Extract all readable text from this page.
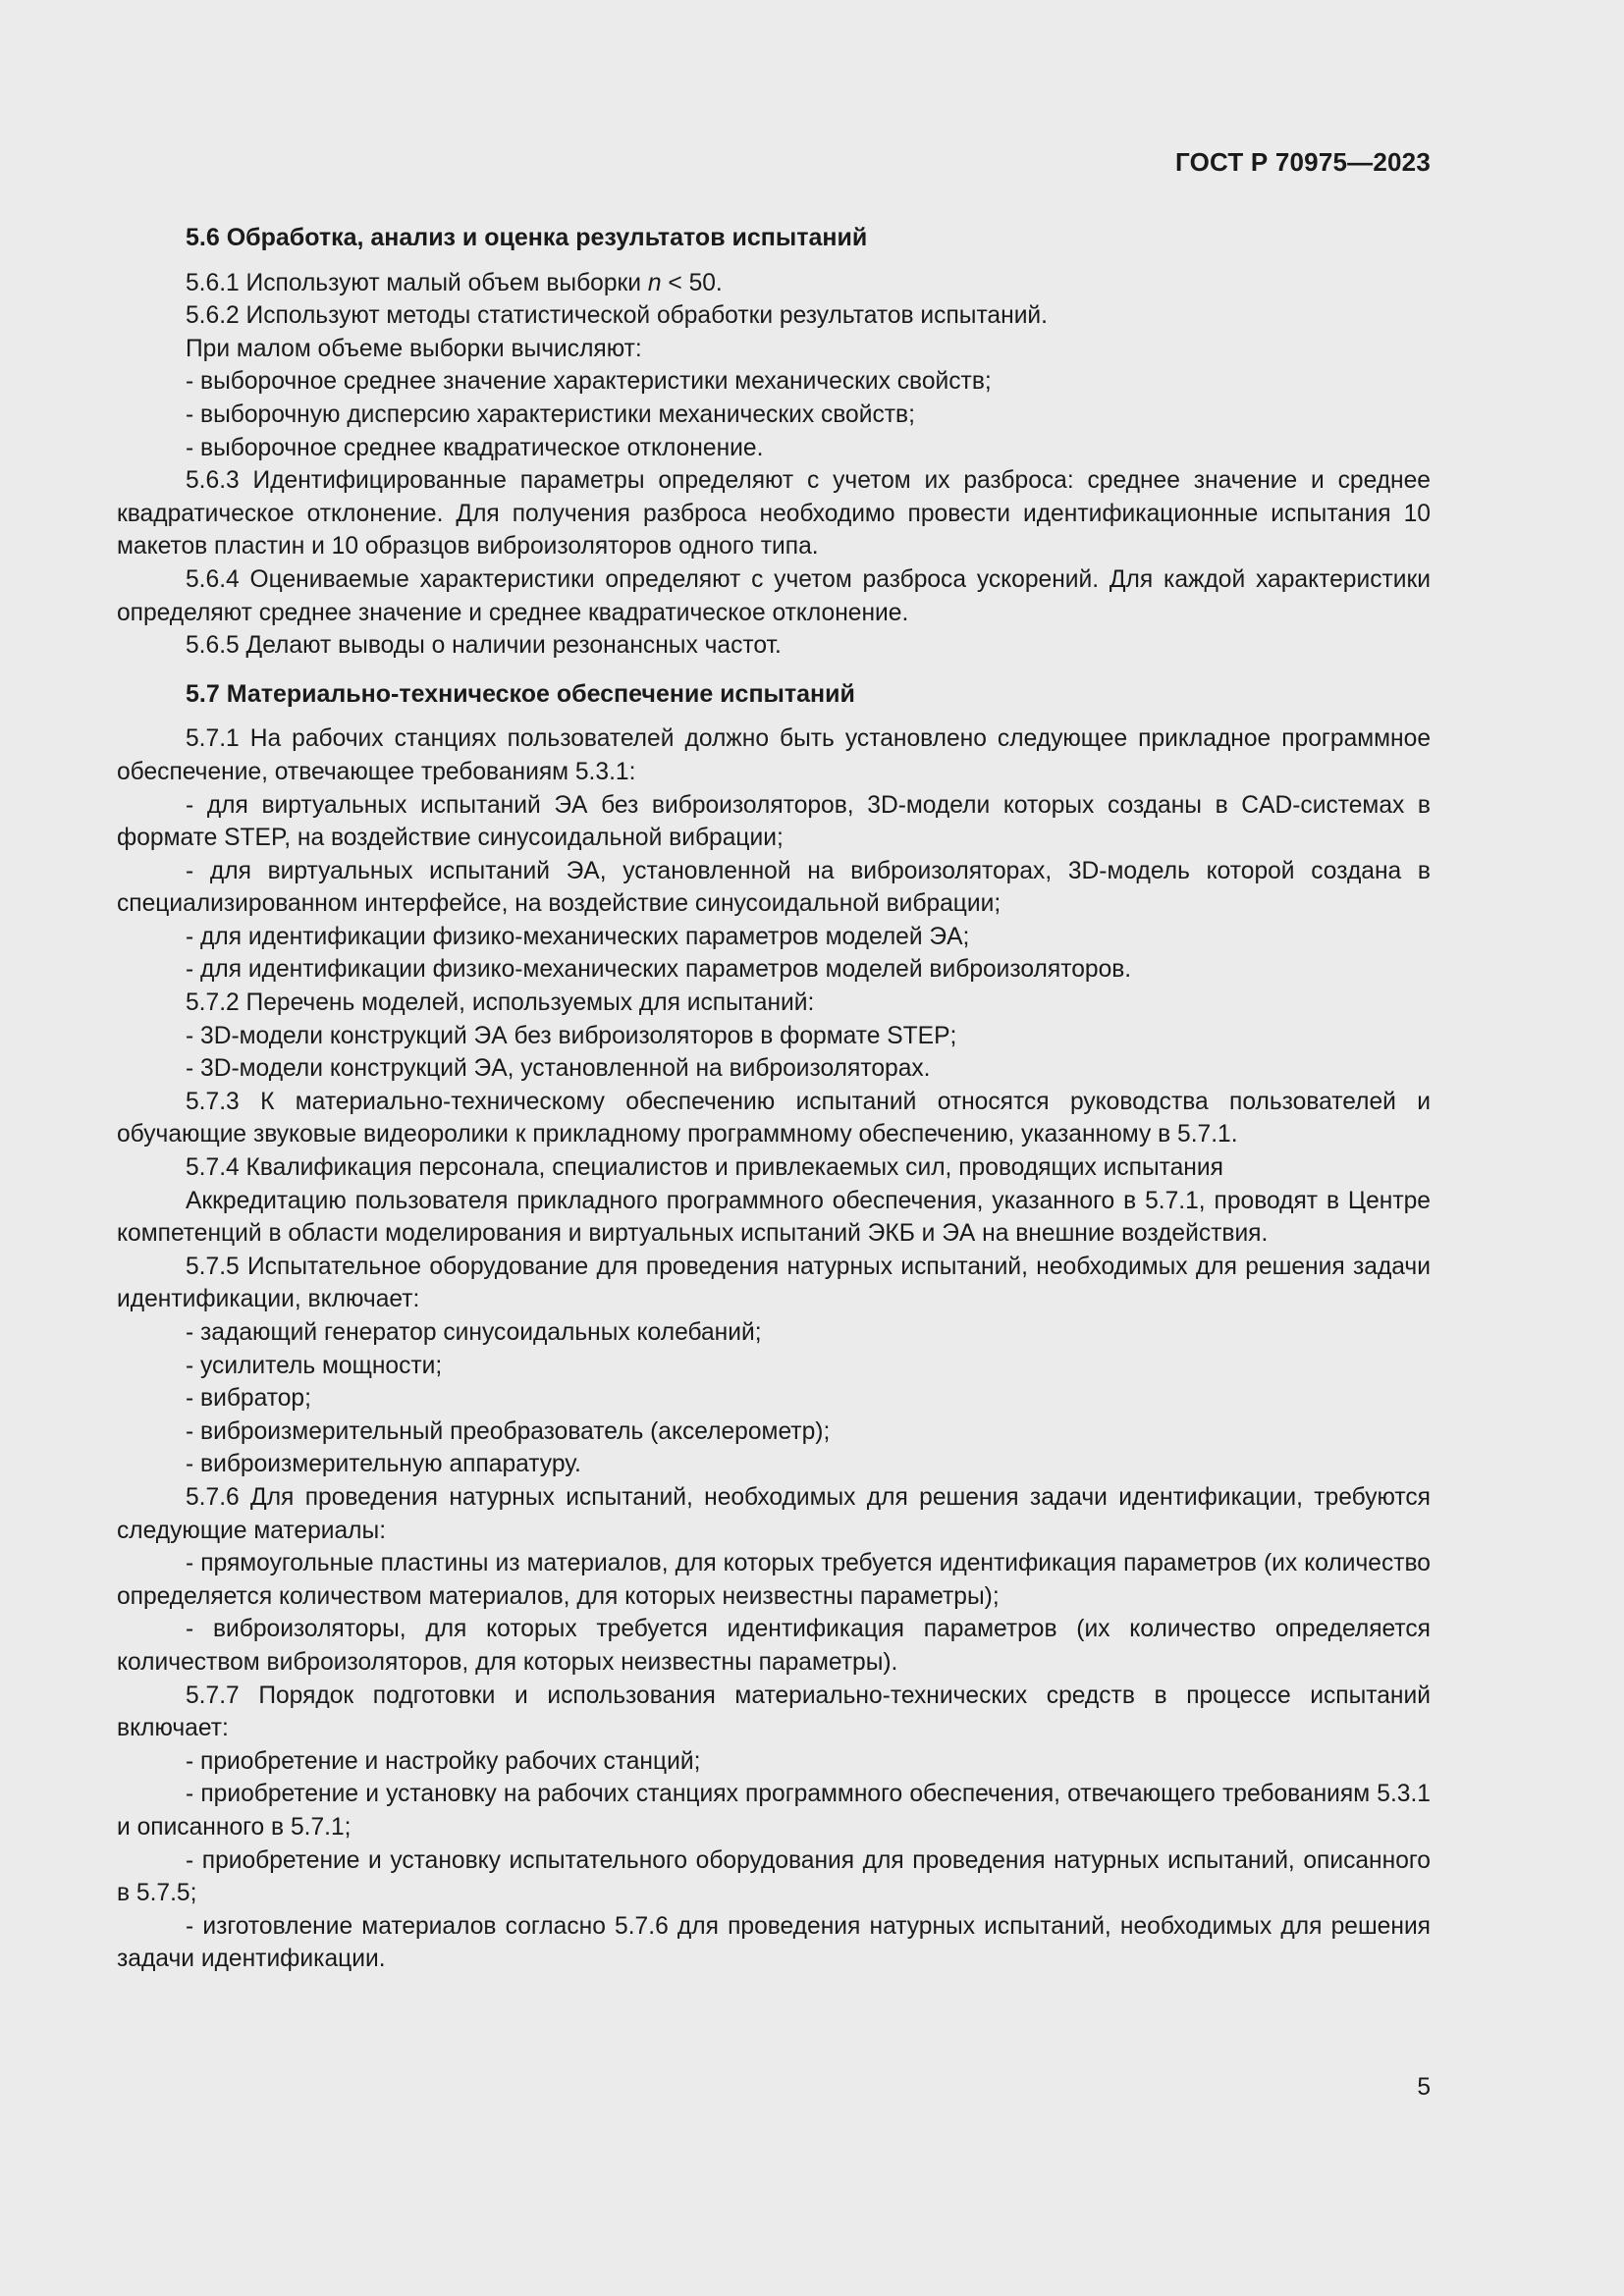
ГОСТ Р 70975—2023
5.6 Обработка, анализ и оценка результатов испытаний

5.6.1 Используют малый объем выборки n < 50.

5.6.2 Используют методы статистической обработки результатов испытаний.

При малом объеме выборки вычисляют:

- выборочное среднее значение характеристики механических свойств;

- выборочную дисперсию характеристики механических свойств;

- выборочное среднее квадратическое отклонение.

5.6.3 Идентифицированные параметры определяют с учетом их разброса: среднее значение и среднее квадратическое отклонение. Для получения разброса необходимо провести идентификационные испытания 10 макетов пластин и 10 образцов виброизоляторов одного типа.

5.6.4 Оцениваемые характеристики определяют с учетом разброса ускорений. Для каждой характеристики определяют среднее значение и среднее квадратическое отклонение.

5.6.5 Делают выводы о наличии резонансных частот.

5.7 Материально-техническое обеспечение испытаний

5.7.1 На рабочих станциях пользователей должно быть установлено следующее прикладное программное обеспечение, отвечающее требованиям 5.3.1:

- для виртуальных испытаний ЭА без виброизоляторов, 3D-модели которых созданы в CAD-системах в формате STEP, на воздействие синусоидальной вибрации;

- для виртуальных испытаний ЭА, установленной на виброизоляторах, 3D-модель которой создана в специализированном интерфейсе, на воздействие синусоидальной вибрации;

- для идентификации физико-механических параметров моделей ЭА;

- для идентификации физико-механических параметров моделей виброизоляторов.

5.7.2 Перечень моделей, используемых для испытаний:

- 3D-модели конструкций ЭА без виброизоляторов в формате STEP;

- 3D-модели конструкций ЭА, установленной на виброизоляторах.

5.7.3 К материально-техническому обеспечению испытаний относятся руководства пользователей и обучающие звуковые видеоролики к прикладному программному обеспечению, указанному в 5.7.1.

5.7.4 Квалификация персонала, специалистов и привлекаемых сил, проводящих испытания

Аккредитацию пользователя прикладного программного обеспечения, указанного в 5.7.1, проводят в Центре компетенций в области моделирования и виртуальных испытаний ЭКБ и ЭА на внешние воздействия.

5.7.5 Испытательное оборудование для проведения натурных испытаний, необходимых для решения задачи идентификации, включает:

- задающий генератор синусоидальных колебаний;

- усилитель мощности;

- вибратор;

- виброизмерительный преобразователь (акселерометр);

- виброизмерительную аппаратуру.

5.7.6 Для проведения натурных испытаний, необходимых для решения задачи идентификации, требуются следующие материалы:

- прямоугольные пластины из материалов, для которых требуется идентификация параметров (их количество определяется количеством материалов, для которых неизвестны параметры);

- виброизоляторы, для которых требуется идентификация параметров (их количество определяется количеством виброизоляторов, для которых неизвестны параметры).

5.7.7 Порядок подготовки и использования материально-технических средств в процессе испытаний включает:

- приобретение и настройку рабочих станций;

- приобретение и установку на рабочих станциях программного обеспечения, отвечающего требованиям 5.3.1 и описанного в 5.7.1;

- приобретение и установку испытательного оборудования для проведения натурных испытаний, описанного в 5.7.5;

- изготовление материалов согласно 5.7.6 для проведения натурных испытаний, необходимых для решения задачи идентификации.

5
